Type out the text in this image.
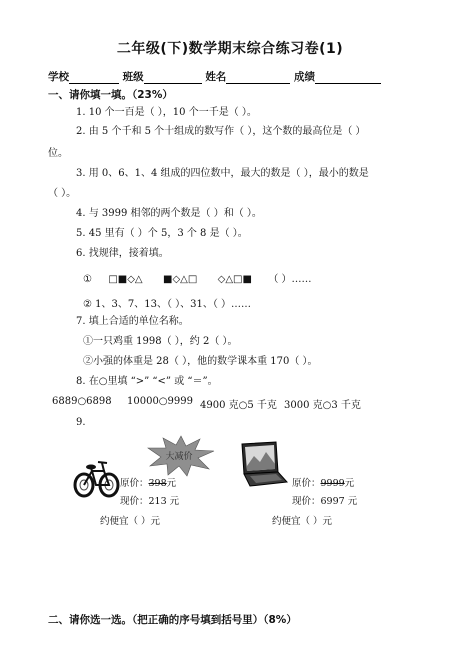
二年级(下)数学期末综合练习卷(1)
学校	班级	姓名	成绩
一、请你填一填。（23%）
1. 10 个一百是（ ），10 个一千是（ ）。
2. 由 5 个千和 5 个十组成的数写作（ ），这个数的最高位是（ ）
位。
3. 用 0、6、1、4 组成的四位数中，最大的数是（ ），最小的数是
（ ）。
4. 与 3999 相邻的两个数是（ ）和（ ）。
5. 45 里有（ ）个 5，3 个 8 是（ ）。
6. 找规律，接着填。
① □■◇△ ■◇△□ ◇△□■ （ ）……
② 1、3、7、13、（ ）、31、（ ）……
7. 填上合适的单位名称。
①一只鸡重 1998（ ），约 2（ ）。
②小强的体重是 28（ ），他的数学课本重 170（ ）。
8. 在○里填 “>” “<” 或 “＝”。
6889○6898 10000○9999 4900 克○5 千克 3000 克○3 千克
9.
大减价
原价：398元
现价：213 元
原价：9999元
现价：6997 元
约便宜（ ）元	约便宜（ ）元
二、请你选一选。（把正确的序号填到括号里）（8%）
